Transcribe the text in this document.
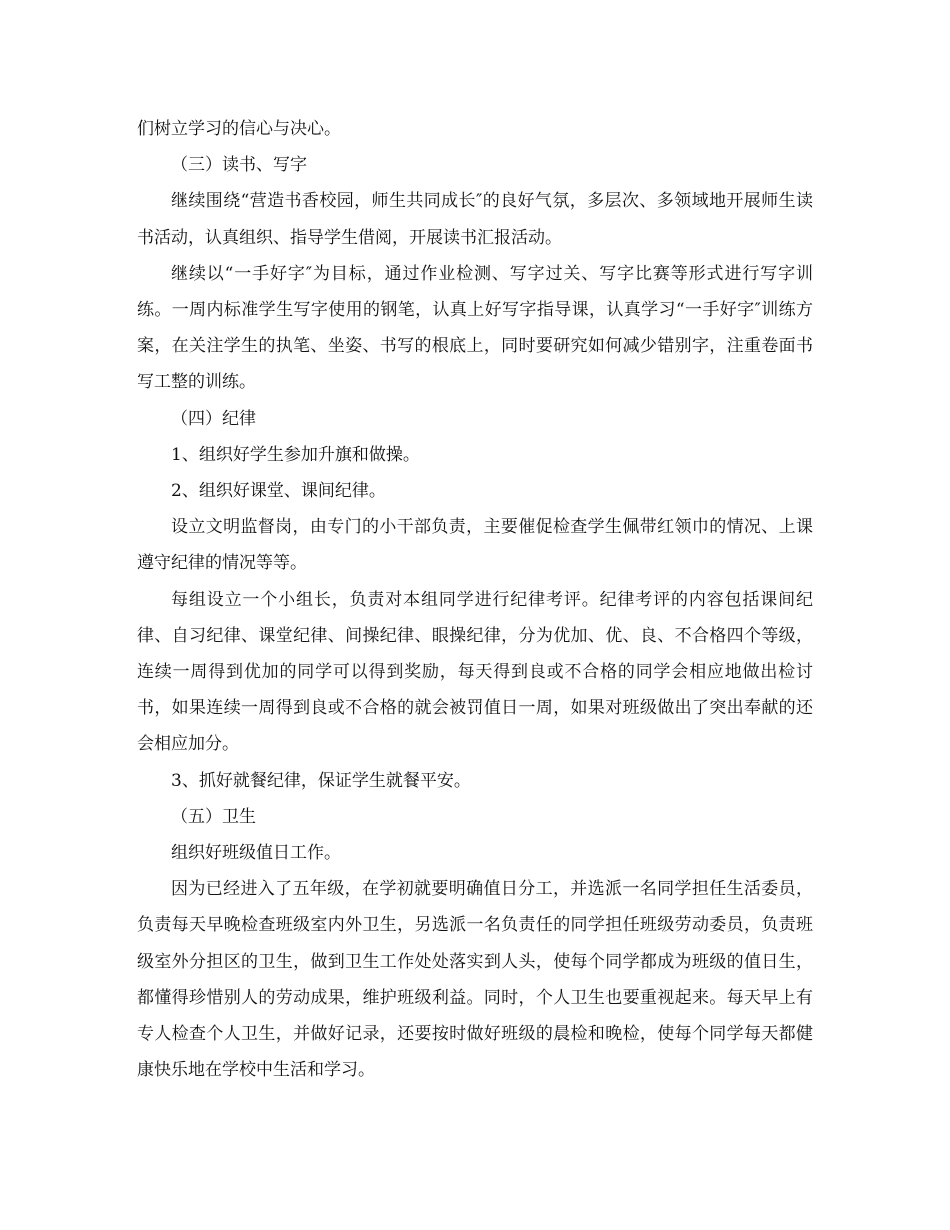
们树立学习的信心与决心。

（三）读书、写字

继续围绕“营造书香校园，师生共同成长″的良好气氛，多层次、多领域地开展师生读书活动，认真组织、指导学生借阅，开展读书汇报活动。

继续以“一手好字″为目标，通过作业检测、写字过关、写字比赛等形式进行写字训练。一周内标准学生写字使用的钢笔，认真上好写字指导课，认真学习“一手好字″训练方案，在关注学生的执笔、坐姿、书写的根底上，同时要研究如何减少错别字，注重卷面书写工整的训练。

（四）纪律

1、组织好学生参加升旗和做操。

2、组织好课堂、课间纪律。

设立文明监督岗，由专门的小干部负责，主要催促检查学生佩带红领巾的情况、上课遵守纪律的情况等等。

每组设立一个小组长，负责对本组同学进行纪律考评。纪律考评的内容包括课间纪律、自习纪律、课堂纪律、间操纪律、眼操纪律，分为优加、优、良、不合格四个等级，连续一周得到优加的同学可以得到奖励，每天得到良或不合格的同学会相应地做出检讨书，如果连续一周得到良或不合格的就会被罚值日一周，如果对班级做出了突出奉献的还会相应加分。

3、抓好就餐纪律，保证学生就餐平安。

（五）卫生

组织好班级值日工作。

因为已经进入了五年级，在学初就要明确值日分工，并选派一名同学担任生活委员，负责每天早晚检查班级室内外卫生，另选派一名负责任的同学担任班级劳动委员，负责班级室外分担区的卫生，做到卫生工作处处落实到人头，使每个同学都成为班级的值日生，都懂得珍惜别人的劳动成果，维护班级利益。同时，个人卫生也要重视起来。每天早上有专人检查个人卫生，并做好记录，还要按时做好班级的晨检和晚检，使每个同学每天都健康快乐地在学校中生活和学习。
